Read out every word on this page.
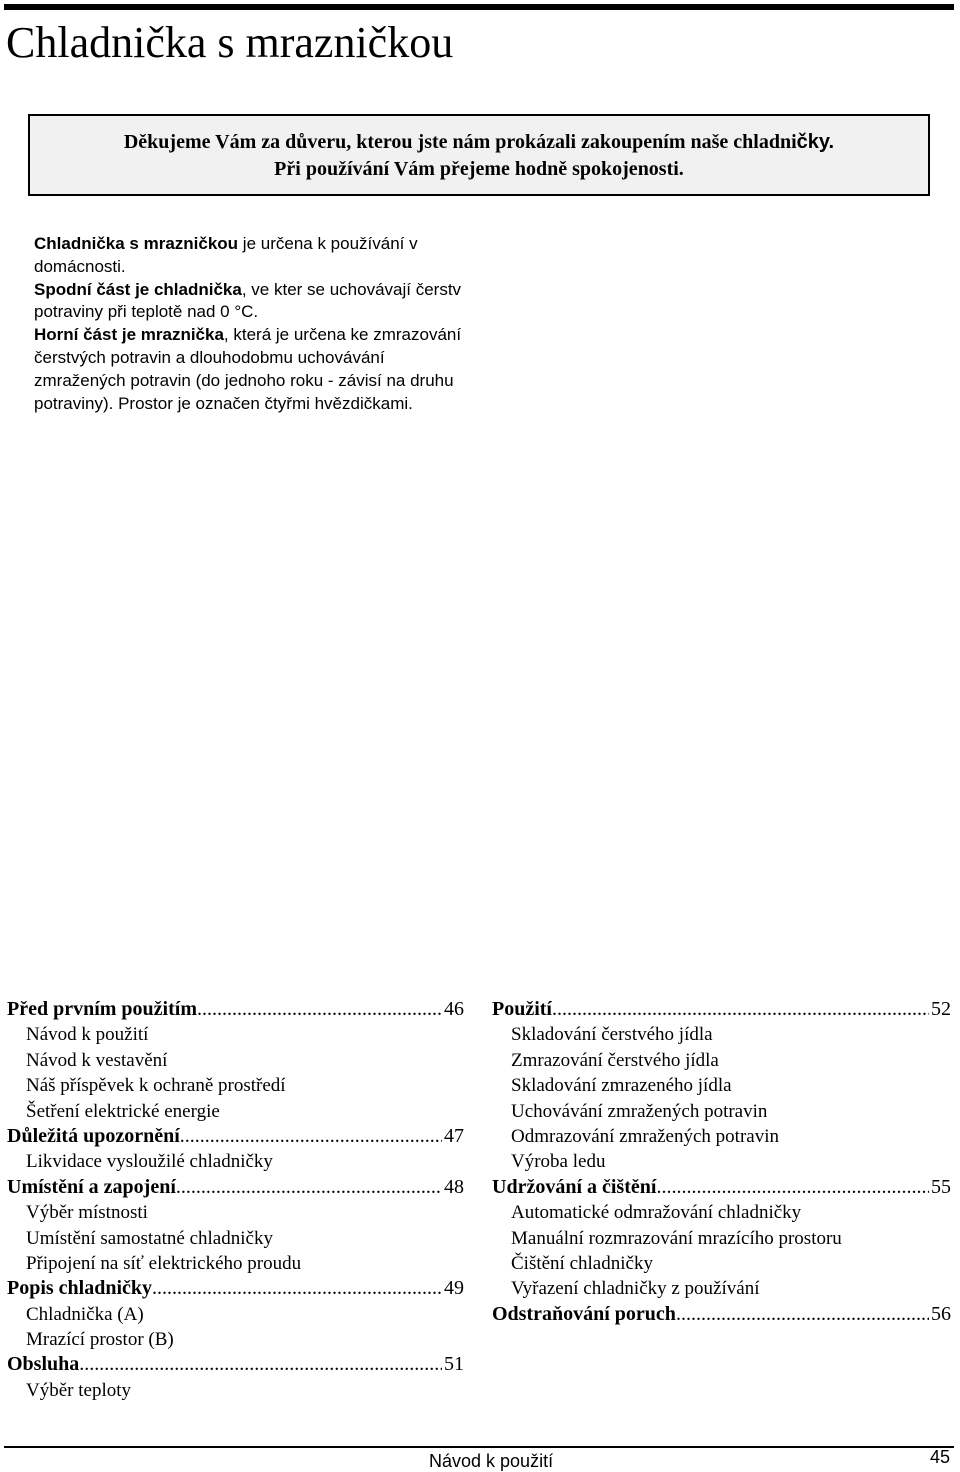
Chladnička s mrazničkou
Děkujeme Vám za důveru, kterou jste nám prokázali zakoupením naše chladničky.
Při používání Vám přejeme hodně spokojenosti.

Chladnička s mrazničkou je určena k používání v domácnosti.

Spodní část je chladnička, ve kter se uchovávají čerstv potraviny při teplotě nad 0 °C.

Horní část je mraznička, která je určena ke zmrazování čerstvých potravin a dlouhodobmu uchovávání zmražených potravin (do jednoho roku - závisí na druhu potraviny). Prostor je označen čtyřmi hvězdičkami.

Před prvním použitím .....	46
Návod k použití
Návod k vestavění
Náš příspěvek k ochraně prostředí
Šetření elektrické energie
Důležitá upozornění .....	47
Likvidace vysloužilé chladničky
Umístění a zapojení .....	48
Výběr místnosti
Umístění samostatné chladničky
Připojení na síť elektrického proudu
Popis chladničky .....	49
Chladnička (A)
Mrazící prostor (B)
Obsluha .....	51
Výběr teploty
Použití .....	52
Skladování čerstvého jídla
Zmrazování čerstvého jídla
Skladování zmrazeného jídla
Uchovávání zmražených potravin
Odmrazování zmražených potravin
Výroba ledu
Udržování a čištění .....	55
Automatické odmražování chladničky
Manuální rozmrazování mrazícího prostoru
Čištění chladničky
Vyřazení chladničky z používání
Odstraňování poruch .....	56
Návod k použití	45
